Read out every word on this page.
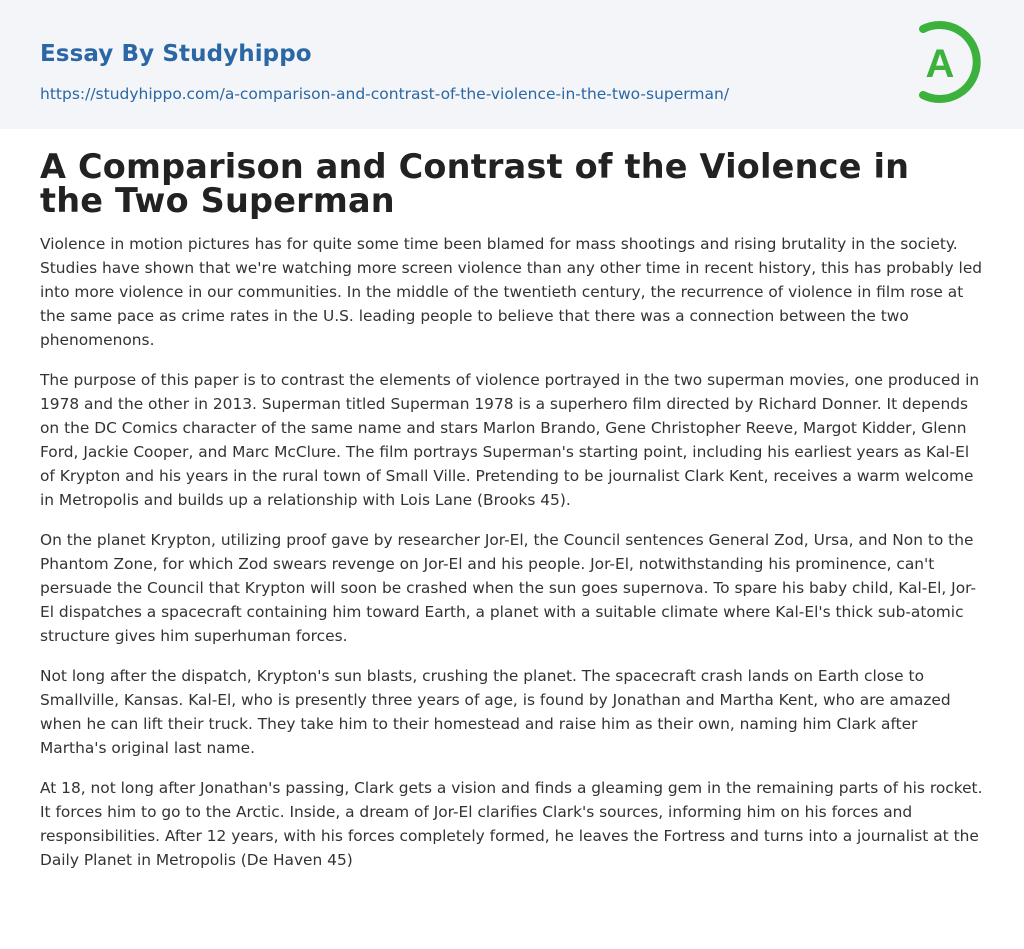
Essay By Studyhippo
https://studyhippo.com/a-comparison-and-contrast-of-the-violence-in-the-two-superman/
A
A Comparison and Contrast of the Violence in the Two Superman

Violence in motion pictures has for quite some time been blamed for mass shootings and rising brutality in the society. Studies have shown that we're watching more screen violence than any other time in recent history, this has probably led into more violence in our communities. In the middle of the twentieth century, the recurrence of violence in film rose at the same pace as crime rates in the U.S. leading people to believe that there was a connection between the two phenomenons.

The purpose of this paper is to contrast the elements of violence portrayed in the two superman movies, one produced in 1978 and the other in 2013. Superman titled Superman 1978 is a superhero film directed by Richard Donner. It depends on the DC Comics character of the same name and stars Marlon Brando, Gene Christopher Reeve, Margot Kidder, Glenn Ford, Jackie Cooper, and Marc McClure. The film portrays Superman's starting point, including his earliest years as Kal-El of Krypton and his years in the rural town of Small Ville. Pretending to be journalist Clark Kent, receives a warm welcome in Metropolis and builds up a relationship with Lois Lane (Brooks 45).

On the planet Krypton, utilizing proof gave by researcher Jor-El, the Council sentences General Zod, Ursa, and Non to the Phantom Zone, for which Zod swears revenge on Jor-El and his people. Jor-El, notwithstanding his prominence, can't persuade the Council that Krypton will soon be crashed when the sun goes supernova. To spare his baby child, Kal-El, Jor-El dispatches a spacecraft containing him toward Earth, a planet with a suitable climate where Kal-El's thick sub-atomic structure gives him superhuman forces.

Not long after the dispatch, Krypton's sun blasts, crushing the planet. The spacecraft crash lands on Earth close to Smallville, Kansas. Kal-El, who is presently three years of age, is found by Jonathan and Martha Kent, who are amazed when he can lift their truck. They take him to their homestead and raise him as their own, naming him Clark after Martha's original last name.

At 18, not long after Jonathan's passing, Clark gets a vision and finds a gleaming gem in the remaining parts of his rocket. It forces him to go to the Arctic. Inside, a dream of Jor-El clarifies Clark's sources, informing him on his forces and responsibilities. After 12 years, with his forces completely formed, he leaves the Fortress and turns into a journalist at the Daily Planet in Metropolis (De Haven 45)
